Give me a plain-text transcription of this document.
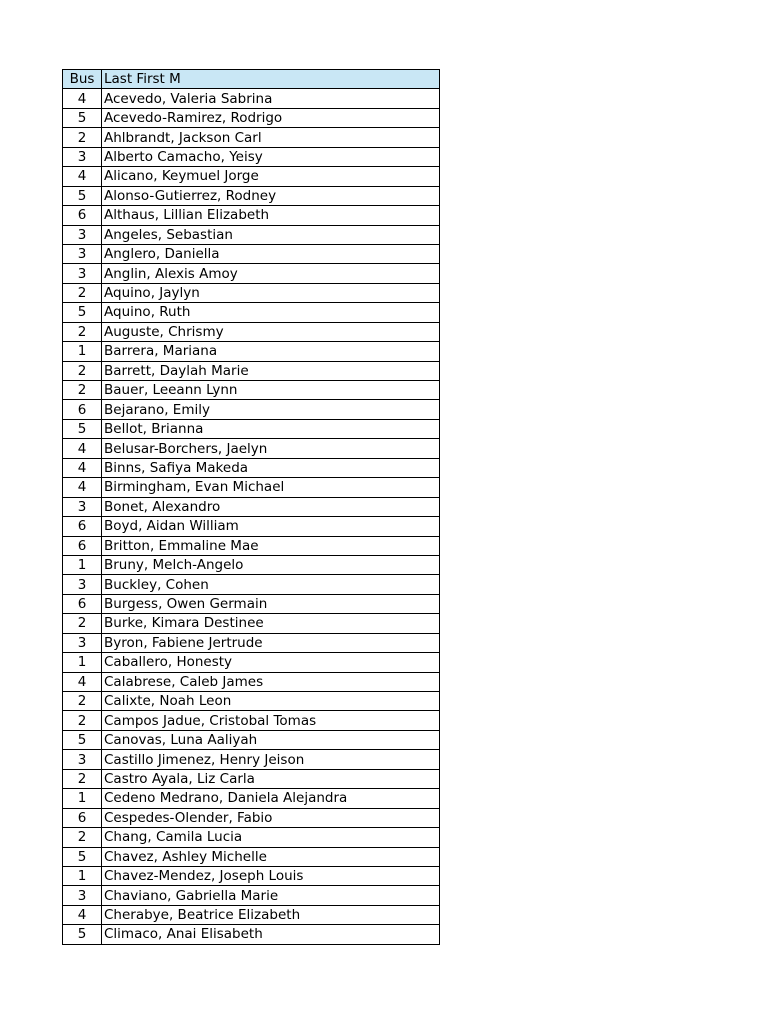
Bus	Last First M
4	Acevedo, Valeria Sabrina
5	Acevedo-Ramirez, Rodrigo
2	Ahlbrandt, Jackson Carl
3	Alberto Camacho, Yeisy
4	Alicano, Keymuel Jorge
5	Alonso-Gutierrez, Rodney
6	Althaus, Lillian Elizabeth
3	Angeles, Sebastian
3	Anglero, Daniella
3	Anglin, Alexis Amoy
2	Aquino, Jaylyn
5	Aquino, Ruth
2	Auguste, Chrismy
1	Barrera, Mariana
2	Barrett, Daylah Marie
2	Bauer, Leeann Lynn
6	Bejarano, Emily
5	Bellot, Brianna
4	Belusar-Borchers, Jaelyn
4	Binns, Safiya Makeda
4	Birmingham, Evan Michael
3	Bonet, Alexandro
6	Boyd, Aidan William
6	Britton, Emmaline Mae
1	Bruny, Melch-Angelo
3	Buckley, Cohen
6	Burgess, Owen Germain
2	Burke, Kimara Destinee
3	Byron, Fabiene Jertrude
1	Caballero, Honesty
4	Calabrese, Caleb James
2	Calixte, Noah Leon
2	Campos Jadue, Cristobal Tomas
5	Canovas, Luna Aaliyah
3	Castillo Jimenez, Henry Jeison
2	Castro Ayala, Liz Carla
1	Cedeno Medrano, Daniela Alejandra
6	Cespedes-Olender, Fabio
2	Chang, Camila Lucia
5	Chavez, Ashley Michelle
1	Chavez-Mendez, Joseph Louis
3	Chaviano, Gabriella Marie
4	Cherabye, Beatrice Elizabeth
5	Climaco, Anai Elisabeth
